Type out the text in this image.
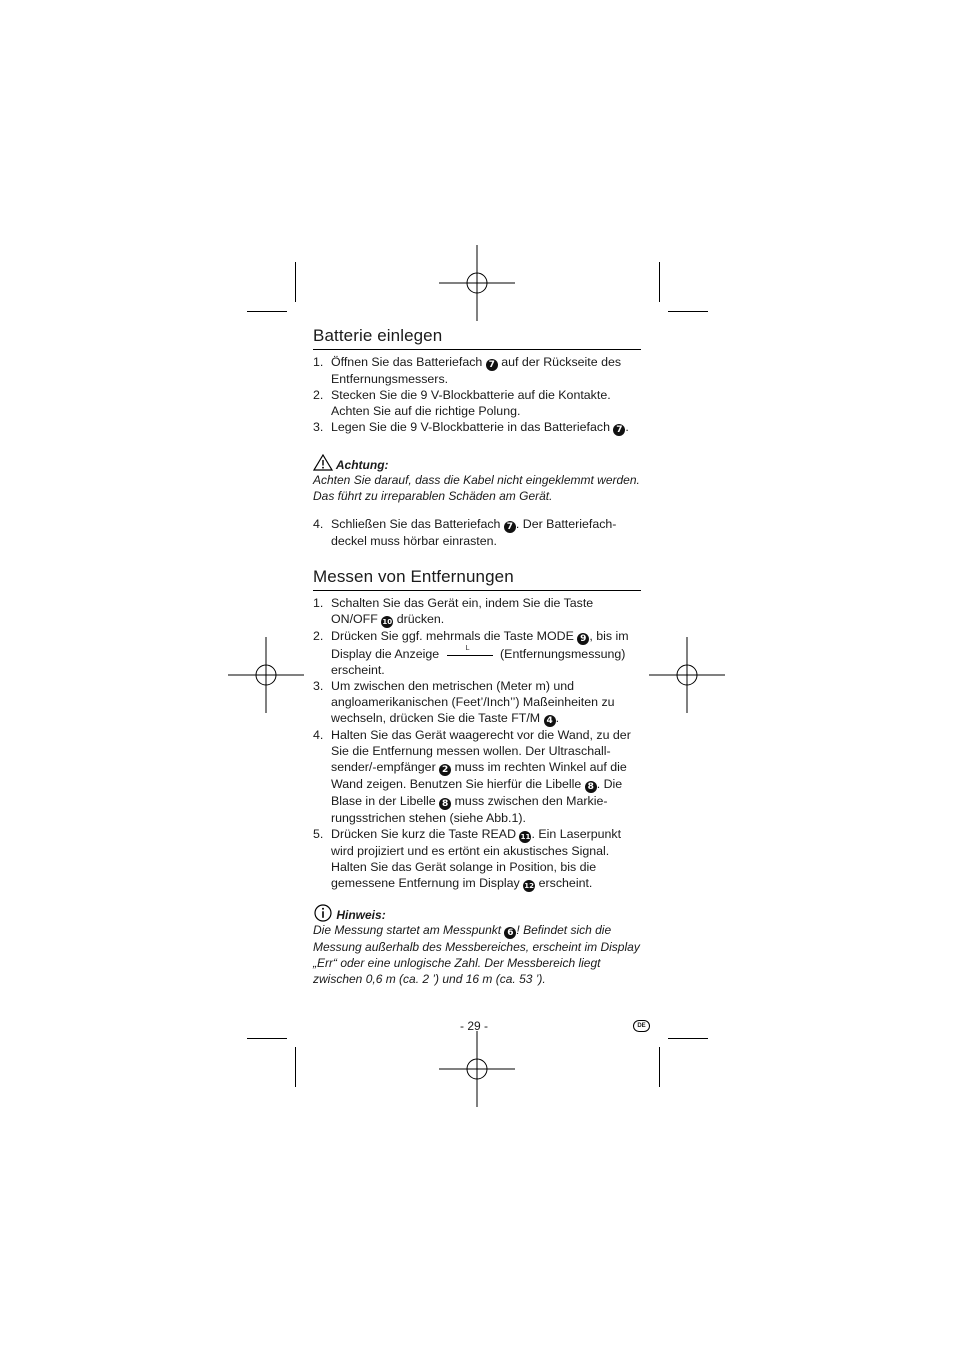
Batterie einlegen
1. Öffnen Sie das Batteriefach 7 auf der Rückseite des Entfernungsmessers.
2. Stecken Sie die 9 V-Blockbatterie auf die Kontakte. Achten Sie auf die richtige Polung.
3. Legen Sie die 9 V-Blockbatterie in das Batteriefach 7 .
Achtung:
Achten Sie darauf, dass die Kabel nicht eingeklemmt werden. Das führt zu irreparablen Schäden am Gerät.
4. Schließen Sie das Batteriefach 7 . Der Batteriefach-deckel muss hörbar einrasten.
Messen von Entfernungen
1. Schalten Sie das Gerät ein, indem Sie die Taste ON/OFF 10 drücken.
2. Drücken Sie ggf. mehrmals die Taste MODE 9 , bis im Display die Anzeige	L (Entfernungsmessung) erscheint.
3. Um zwischen den metrischen (Meter m) und angloamerikanischen (Feet’/Inch’’) Maßeinheiten zu wechseln, drücken Sie die Taste FT/M 4 .
4. Halten Sie das Gerät waagerecht vor die Wand, zu der Sie die Entfernung messen wollen. Der Ultraschall-sender/-empfänger 2 muss im rechten Winkel auf die Wand zeigen. Benutzen Sie hierfür die Libelle 8 . Die Blase in der Libelle 8 muss zwischen den Markie-rungsstrichen stehen (siehe Abb.1).
5. Drücken Sie kurz die Taste READ 11. Ein Laserpunkt wird projiziert und es ertönt ein akustisches Signal. Halten Sie das Gerät solange in Position, bis die gemessene Entfernung im Display 12 erscheint.
Hinweis:
Die Messung startet am Messpunkt 6 ! Befindet sich die Messung außerhalb des Messbereiches, erscheint im Display „Err“ oder eine unlogische Zahl. Der Messbereich liegt zwischen 0,6 m (ca. 2 ’) und 16 m (ca. 53 ’).
- 29 -	DE
